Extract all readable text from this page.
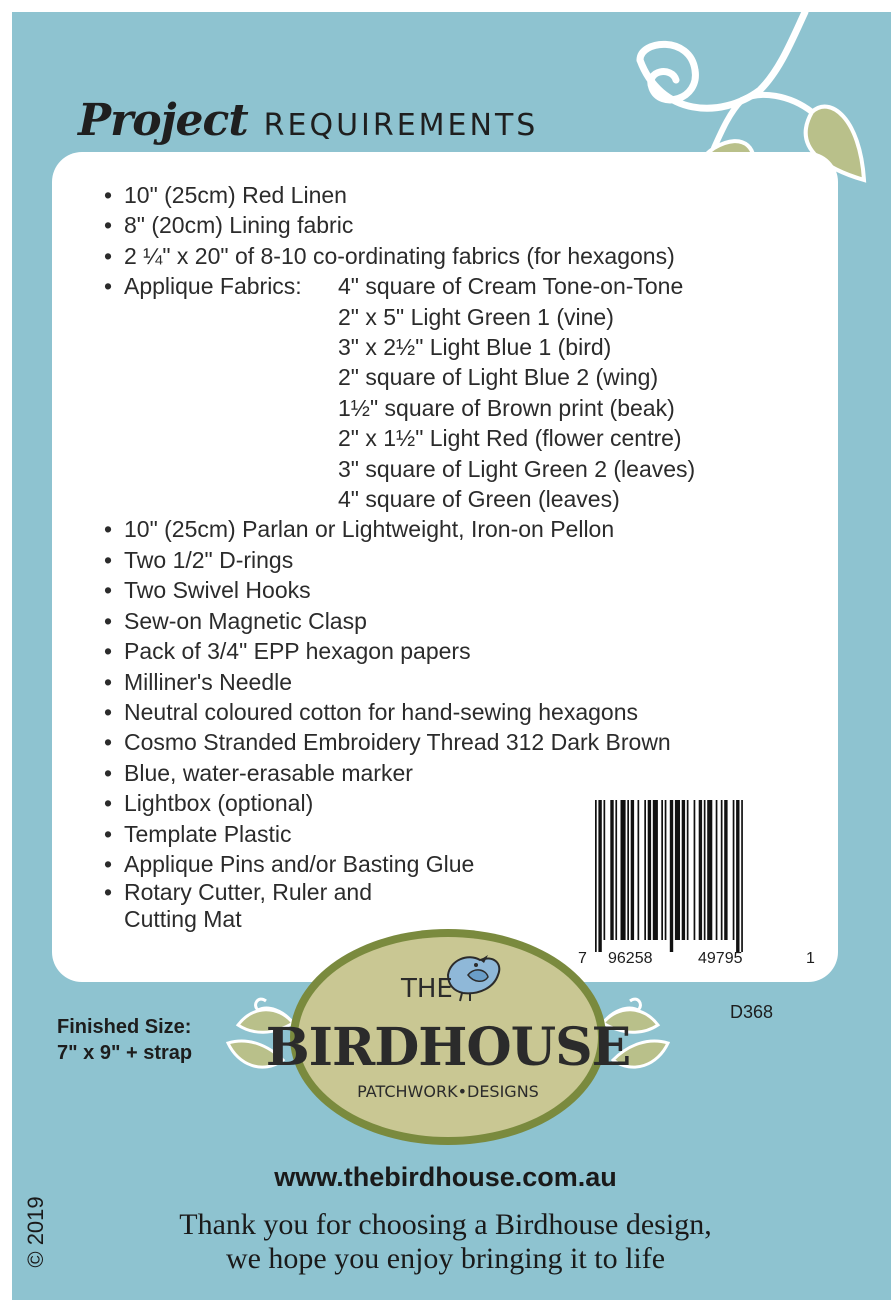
Project REQUIREMENTS
• 10" (25cm) Red Linen
• 8" (20cm) Lining fabric
• 2 ¼" x 20" of 8-10 co-ordinating fabrics (for hexagons)
• Applique Fabrics:	4" square of Cream Tone-on-Tone
2" x 5" Light Green 1 (vine)
3" x 2½" Light Blue 1 (bird)
2" square of Light Blue 2 (wing)
1½" square of Brown print (beak)
2" x 1½" Light Red (flower centre)
3" square of Light Green 2 (leaves)
4" square of Green (leaves)
• 10" (25cm) Parlan or Lightweight, Iron-on Pellon
• Two 1/2" D-rings
• Two Swivel Hooks
• Sew-on Magnetic Clasp
• Pack of 3/4" EPP hexagon papers
• Milliner's Needle
• Neutral coloured cotton for hand-sewing hexagons
• Cosmo Stranded Embroidery Thread 312 Dark Brown
• Blue, water-erasable marker
• Lightbox (optional)
• Template Plastic
• Applique Pins and/or Basting Glue
• Rotary Cutter, Ruler and
Cutting Mat
7 96258	49795	1
D368
Finished Size:
7" x 9" + strap
THE
BIRDHOUSE
PATCHWORK•DESIGNS
www.thebirdhouse.com.au
Thank you for choosing a Birdhouse design,
we hope you enjoy bringing it to life
© 2019
